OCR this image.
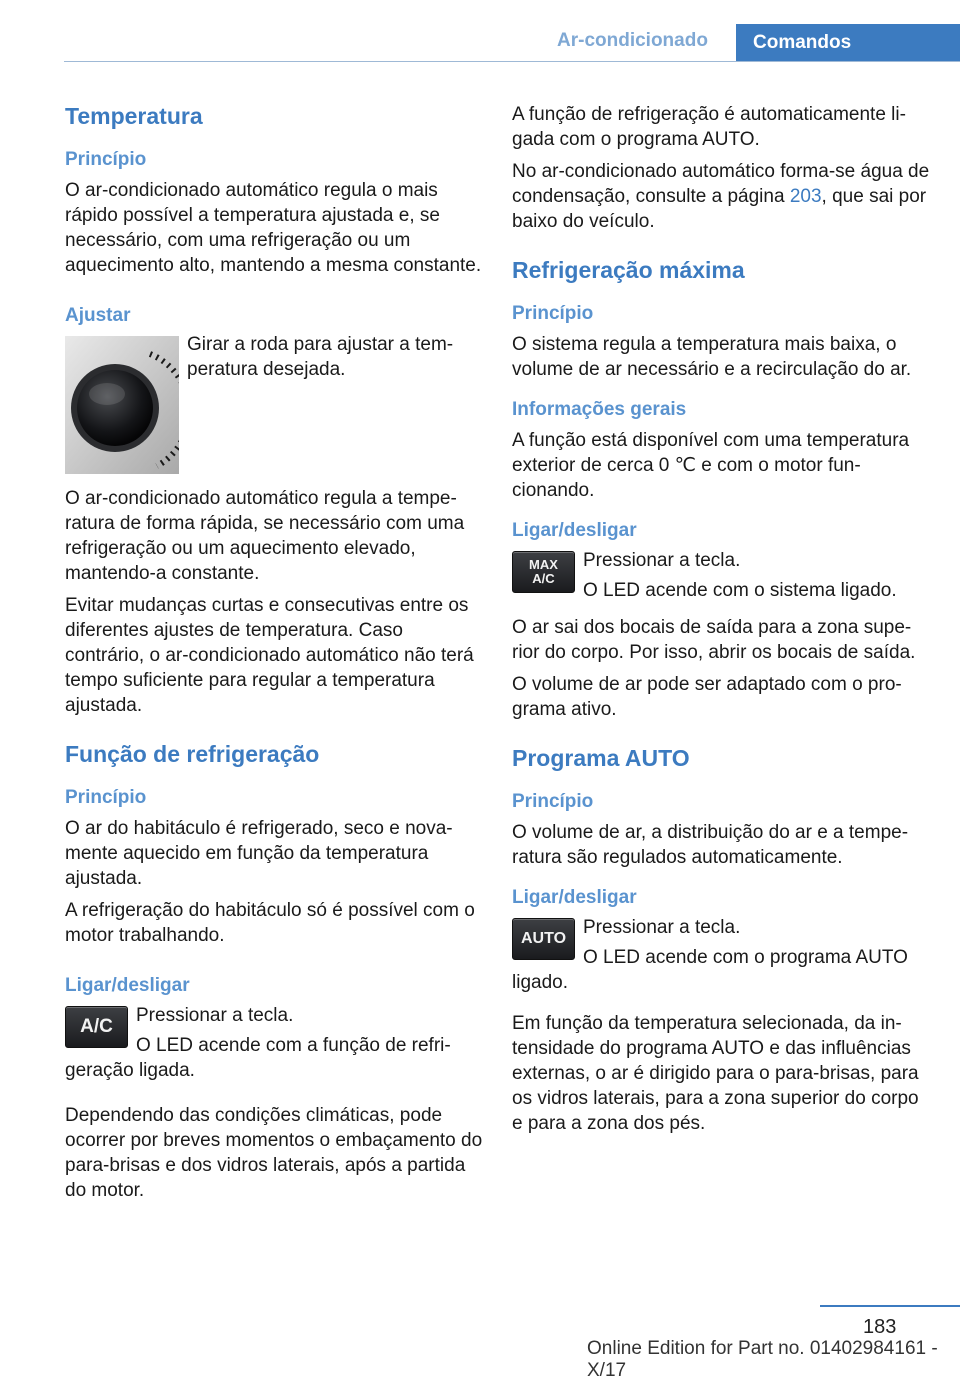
Ar-condicionado	Comandos
Temperatura
Princípio

O ar-condicionado automático regula o mais rápido possível a temperatura ajustada e, se necessário, com uma refrigeração ou um aquecimento alto, mantendo a mesma constante.

Ajustar

Girar a roda para ajustar a temperatura desejada.

O ar-condicionado automático regula a temperatura de forma rápida, se necessário com uma refrigeração ou um aquecimento elevado, mantendo-a constante.

Evitar mudanças curtas e consecutivas entre os diferentes ajustes de temperatura. Caso contrário, o ar-condicionado automático não terá tempo suficiente para regular a temperatura ajustada.

Função de refrigeração
Princípio

O ar do habitáculo é refrigerado, seco e novamente aquecido em função da temperatura ajustada.

A refrigeração do habitáculo só é possível com o motor trabalhando.

Ligar/desligar
A/C

Pressionar a tecla.

O LED acende com a função de refrigeração ligada.

Dependendo das condições climáticas, pode ocorrer por breves momentos o embaçamento do para-brisas e dos vidros laterais, após a partida do motor.

A função de refrigeração é automaticamente ligada com o programa AUTO.

No ar-condicionado automático forma-se água de condensação, consulte a página 203, que sai por baixo do veículo.

Refrigeração máxima
Princípio

O sistema regula a temperatura mais baixa, o volume de ar necessário e a recirculação do ar.

Informações gerais

A função está disponível com uma temperatura exterior de cerca 0 ℃ e com o motor funcionando.

Ligar/desligar
MAX
A/C

Pressionar a tecla.

O LED acende com o sistema ligado.

O ar sai dos bocais de saída para a zona superior do corpo. Por isso, abrir os bocais de saída.

O volume de ar pode ser adaptado com o programa ativo.

Programa AUTO
Princípio

O volume de ar, a distribuição do ar e a temperatura são regulados automaticamente.

Ligar/desligar
AUTO

Pressionar a tecla.

O LED acende com o programa AUTO ligado.

Em função da temperatura selecionada, da intensidade do programa AUTO e das influências externas, o ar é dirigido para o para-brisas, para os vidros laterais, para a zona superior do corpo e para a zona dos pés.

183
Online Edition for Part no. 01402984161 - X/17
